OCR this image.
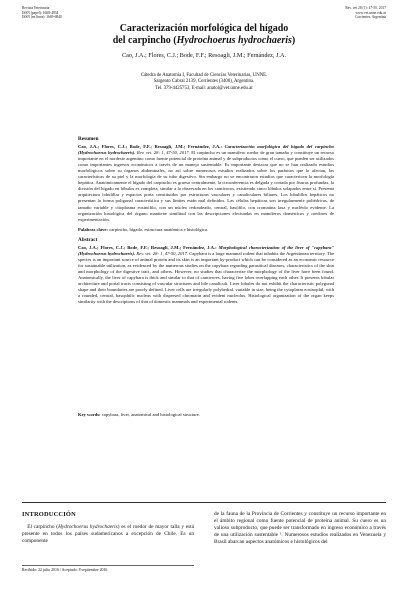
Revista Veterinaria
ISSN (papel): 1668-4834
ISSN (en línea): 1669-6840
Rev. vet 28 (1): 47-50, 2017
www.vet.unne.edu.ar
Corrientes, Argentina
Caracterización morfológica del hígado
del carpincho (Hydrochoerus hydrochaeris)
Cao, J.A.; Flores, C.J.; Bode, F.F.; Resoagli, J.M.; Fernández, J.A.
Cátedra de Anatomía I, Facultad de Ciencias Veterinarias, UNNE.
Sargento Cabral 2139, Corrientes (3400), Argentina.
Tel. 379-4425753, E-mail: anatol@vet.unne.edu.ar
Resumen
Cao, J.A.; Flores, C.J.; Bode, F.F.; Resoagli, J.M.; Fernández, J.A.: Caracterización morfológica del hígado del carpincho (Hydrochoerus hydrochaeris). Rev. vet. 28: 1, 47-50, 2017. El carpincho es un mamífero roedor de gran tamaño y constituye un recurso importante en el nordeste argentino como fuente potencial de proteína animal y de subproductos como el cuero, que pueden ser utilizados como importantes ingresos económicos a través de un manejo sustentable. Es importante destacar que no se han realizado estudios morfológicos sobre su órganos abdominales, no así sobre numerosos estudios realizados sobre los parásitos que lo afectan, las características de su piel y la morfología de su tubo digestivo. Sin embargo no se encontraron estudios que caractericen la morfología hepática. Anatómicamente el hígado del carpincho es grueso centralmente, la circunferencia es delgada y cortada por fisuras profundas, la división del hígado en lóbulos es completa, similar a la observada en los carnívoros, existiendo cinco lóbulos solapados entre sí. Presenta arquitectura lobulillar y espacios porta constituidos por estructuras vasculares y canaliculares biliares. Los lobulillos hepáticos no presentan la forma poligonal característica y sus límites están mal definidos. Las células hepáticas son irregularmente poliédricas, de tamaño variable y citoplasma eosinófilo, con un núcleo redondeado, central, basófilo, con cromatina laxa y nucléolo evidente. La organización histológica del órgano mantiene similitud con las descripciones efectuadas en mamíferos domésticos y roedores de experimentación.
Palabras clave: carpincho, hígado, estructura anatómica e histológica.
Abstract
Cao, J.A.; Flores, C.J.; Bode, F.F.; Resoagli, J.M.; Fernández, J.A.: Morphological characterization of the liver of "capybara" (Hydrochoerus hydrochaeris). Rev. vet. 28: 1, 47-50, 2017. Capybara is a large mammal rodent that inhabits the Argentinean territory. The species is an important source of animal protein and its skin is an important by-product which can be considered as an economic resource for sustainable utilization, as evidenced by the numerous studies on the capybara regarding parasitical diseases, characteristics of the skin and morphology of the digestive tract, and others. However, no studies that characterize the morphology of the liver have been found. Anatomically, the liver of capybara is thick and similar to that of carnivores, having five lobes overlapping each other. It presents lobular architecture and portal tracts consisting of vascular structures and bile canaliculi. Liver lobules do not exhibit the characteristic polygonal shape and their boundaries are poorly defined. Liver cells are irregularly polyhedral, variable in size, being the cytoplasm eosinophil, with a rounded, central, basophilic nucleus with dispersed chromatin and evident nucleolus. Histological organization of the organ keeps similarity with the descriptions of that of domestic mammals and experimental rodents.
Key words: capybara, liver, anatomical and histological structure.
INTRODUCCIÓN
El carpincho (Hydrochoerus hydrochaeris) es el roedor de mayor talla y está presente en todos los países sudamericanos a excepción de Chile. Es un componente
de la fauna de la Provincia de Corrientes y constituye un recurso importante en el ámbito regional como fuente potencial de proteína animal. Su cuero es un valioso subproducto, que puede ser transformado en ingreso económico a través de una utilización sustentable ¹. Numerosos estudios realizados en Venezuela y Brasil abarcan aspectos anatómicos e histológicos del
Recibido: 22 julio 2016 / Aceptado: 8 septiembre 2016
